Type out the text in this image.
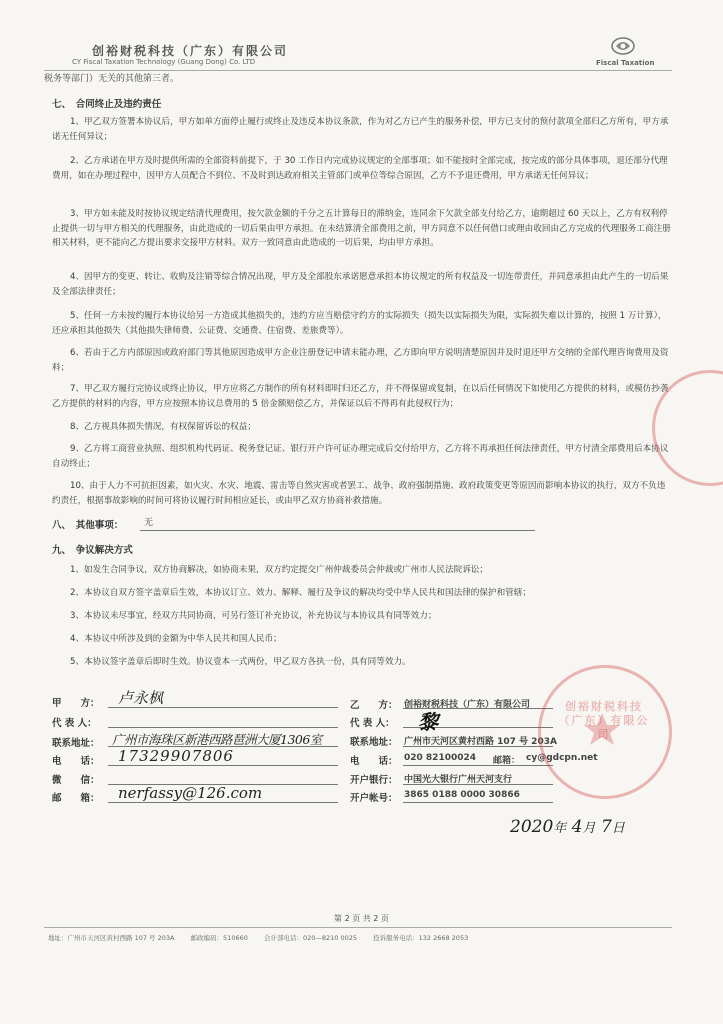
创裕财税科技（广东）有限公司
CY Fiscal Taxation Technology (Guang Dong) Co. LTD	Fiscal Taxation
税务等部门）无关的其他第三者。
七、　合同终止及违约责任

1、甲乙双方签署本协议后，甲方如单方面停止履行或终止及违反本协议条款，作为对乙方已产生的服务补偿，甲方已支付的预付款项全部归乙方所有，甲方承诺无任何异议；

2、乙方承诺在甲方及时提供所需的全部资料前提下，于 30 工作日内完成协议规定的全部事项；如不能按时全部完成，按完成的部分具体事项，退还部分代理费用，如在办理过程中，因甲方人员配合不到位、不及时到达政府相关主管部门或单位等综合原因，乙方不予退还费用，甲方承诺无任何异议；

3、甲方如未能及时按协议规定结清代理费用，按欠款金额的千分之五计算每日的滞纳金，连同余下欠款全部支付给乙方，逾期超过 60 天以上，乙方有权利停止提供一切与甲方相关的代理服务，由此造成的一切后果由甲方承担。在未结算清全部费用之前，甲方同意不以任何借口或理由收回由乙方完成的代理服务工商注册相关材料，更不能向乙方提出要求交接甲方材料。双方一致同意由此造成的一切后果，均由甲方承担。

4、因甲方的变更、转让、收购及注销等综合情况出现，甲方及全部股东承诺愿意承担本协议规定的所有权益及一切连带责任，并同意承担由此产生的一切后果及全部法律责任；

5、任何一方未按约履行本协议给另一方造成其他损失的，违约方应当赔偿守约方的实际损失（损失以实际损失为限，实际损失难以计算的，按照 1 万计算），还应承担其他损失（其他损失律师费、公证费、交通费、住宿费、差旅费等）。

6、若由于乙方内部原因或政府部门等其他原因造成甲方企业注册登记申请未能办理，乙方即向甲方说明清楚原因并及时退还甲方交纳的全部代理咨询费用及资料；

7、甲乙双方履行完协议或终止协议，甲方应将乙方制作的所有材料即时归还乙方，并不得保留或复制，在以后任何情况下如使用乙方提供的材料，或模仿抄袭乙方提供的材料的内容，甲方应按照本协议总费用的 5 倍金额赔偿乙方，并保证以后不得再有此侵权行为；

8、乙方视具体损失情况，有权保留诉讼的权益；

9、乙方将工商营业执照、组织机构代码证、税务登记证、银行开户许可证办理完成后交付给甲方，乙方将不再承担任何法律责任，甲方付清全部费用后本协议自动终止；

10、由于人力不可抗拒因素，如火灾、水灾、地震、雷击等自然灾害或者罢工、战争、政府强制措施、政府政策变更等原因而影响本协议的执行，双方不负违约责任，根据事故影响的时间可将协议履行时间相应延长，或由甲乙双方协商补救措施。

八、　其他事项： 无
九、　争议解决方式

1、如发生合同争议，双方协商解决，如协商未果，双方约定提交广州仲裁委员会仲裁或广州市人民法院诉讼；

2、本协议自双方签字盖章后生效，本协议订立、效力、解释、履行及争议的解决均受中华人民共和国法律的保护和管辖；

3、本协议未尽事宜，经双方共同协商，可另行签订补充协议，补充协议与本协议具有同等效力；

4、本协议中所涉及到的金额为中华人民共和国人民币；

5、本协议签字盖章后即时生效。协议壹本一式两份，甲乙双方各执一份，具有同等效力。

甲　　方：
代 表 人：
联系地址：
电　　话：
微　　信：
邮　　箱：
卢永枫
广州市海珠区新港西路琶洲大厦1306室
17329907806
nerfassy@126.com
乙　　方：
代 表 人：
联系地址：
电　　话：
开户银行：
开户帐号：
创裕财税科技（广东）有限公司
黎
广州市天河区黄村西路 107 号 203A
020 82100024 邮箱： cy@gdcpn.net
中国光大银行广州天河支行
3865 0188 0000 30866
创裕财税科技（广东）有限公司
2020年 4月 7日
第 2 页 共 2 页
地址：广州市天河区黄村西路 107 号 203A 邮政编码：510660 会计部电话：020—8210 0025 投诉服务电话：132 2668 2053
